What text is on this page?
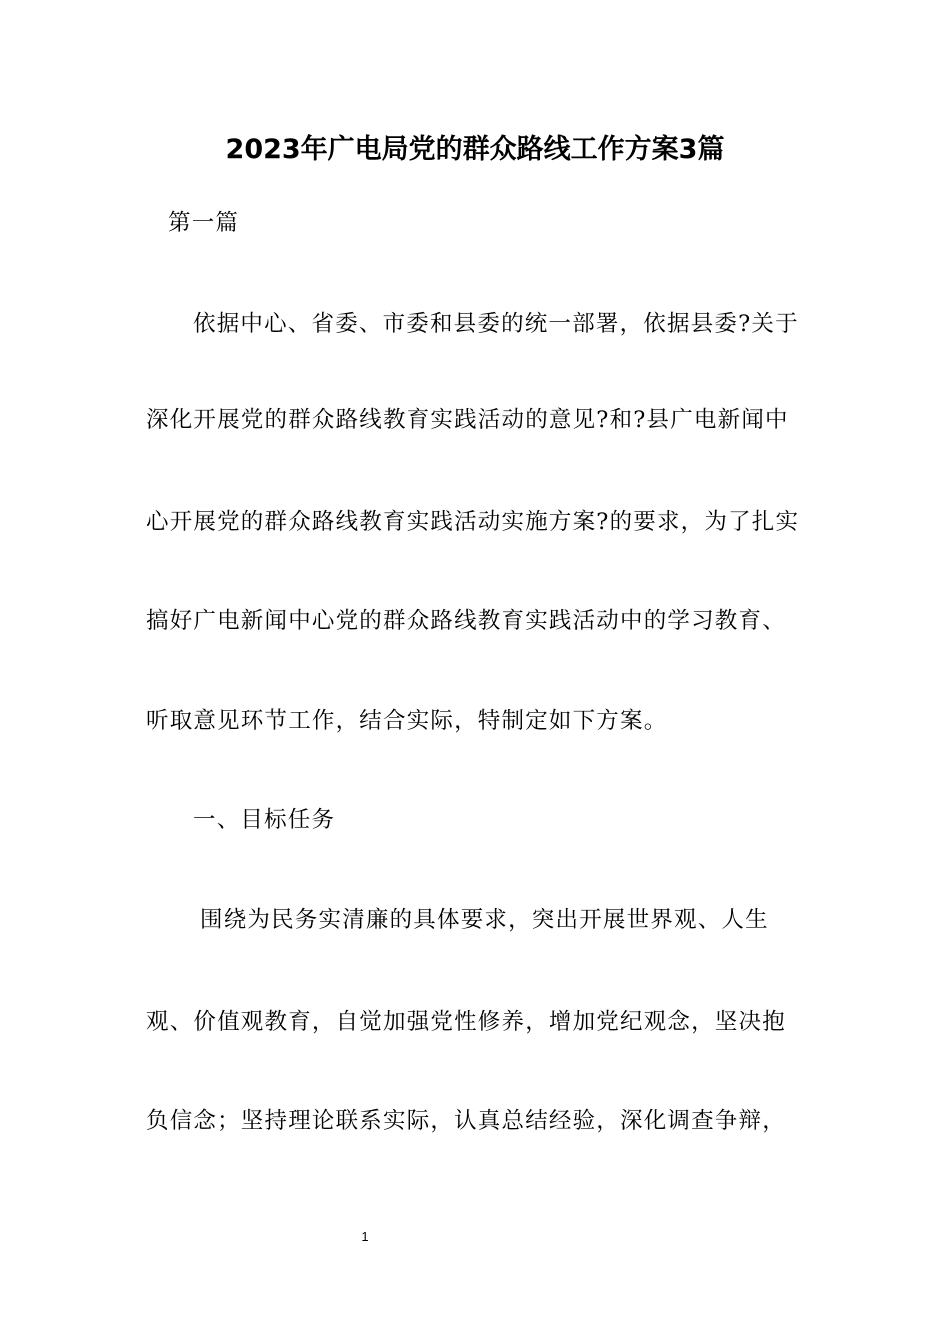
2023年广电局党的群众路线工作方案3篇
第一篇
依据中心、省委、市委和县委的统一部署，依据县委?关于
深化开展党的群众路线教育实践活动的意见?和?县广电新闻中
心开展党的群众路线教育实践活动实施方案?的要求，为了扎实
搞好广电新闻中心党的群众路线教育实践活动中的学习教育、
听取意见环节工作，结合实际，特制定如下方案。
一、目标任务
围绕为民务实清廉的具体要求，突出开展世界观、人生
观、价值观教育，自觉加强党性修养，增加党纪观念，坚决抱
负信念；坚持理论联系实际，认真总结经验，深化调查争辩，
1
